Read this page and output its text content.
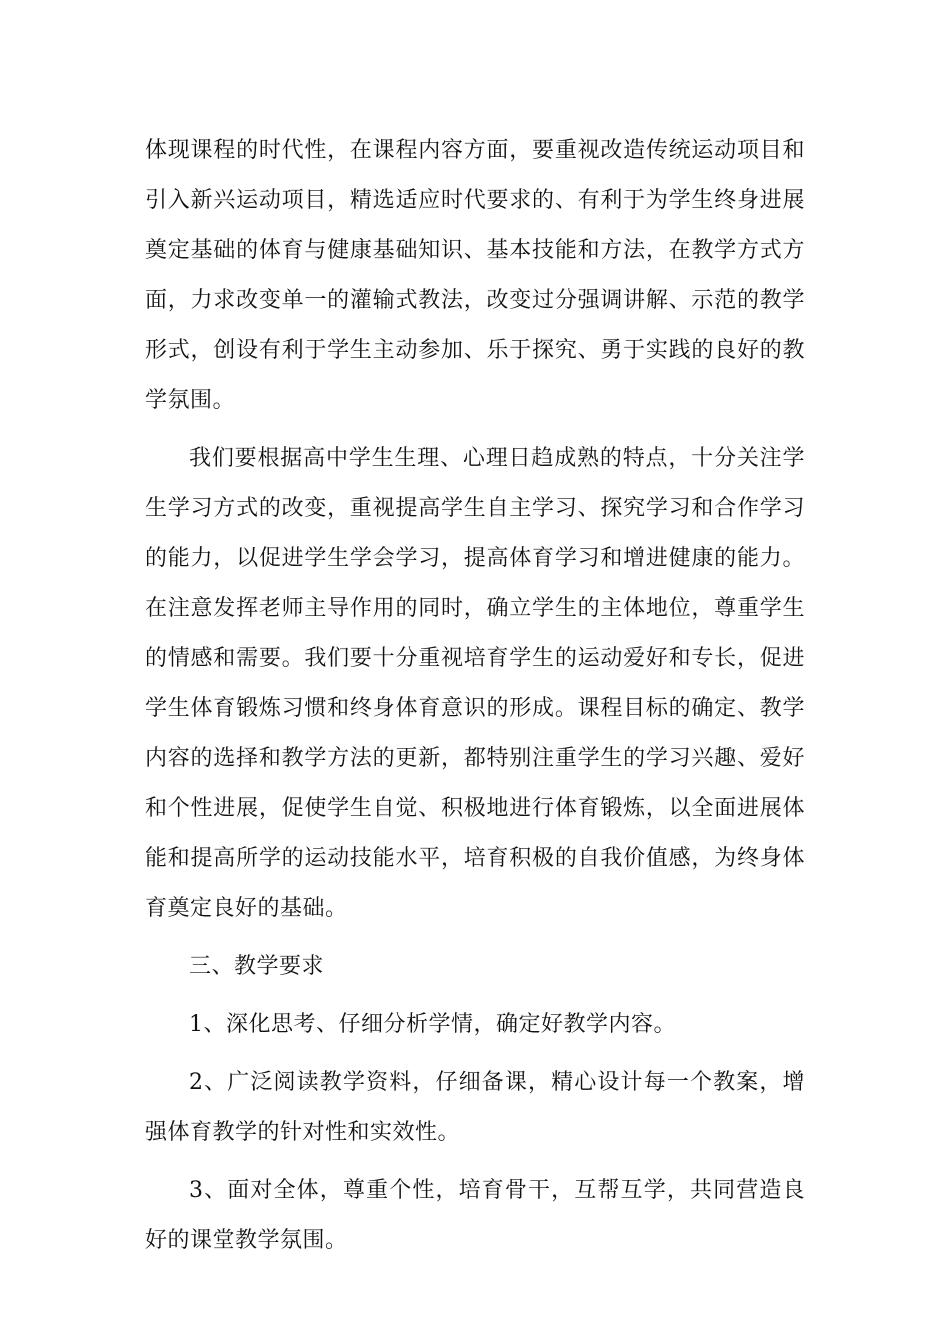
体现课程的时代性，在课程内容方面，要重视改造传统运动项目和引入新兴运动项目，精选适应时代要求的、有利于为学生终身进展奠定基础的体育与健康基础知识、基本技能和方法，在教学方式方面，力求改变单一的灌输式教法，改变过分强调讲解、示范的教学形式，创设有利于学生主动参加、乐于探究、勇于实践的良好的教学氛围。

我们要根据高中学生生理、心理日趋成熟的特点，十分关注学生学习方式的改变，重视提高学生自主学习、探究学习和合作学习的能力，以促进学生学会学习，提高体育学习和增进健康的能力。在注意发挥老师主导作用的同时，确立学生的主体地位，尊重学生的情感和需要。我们要十分重视培育学生的运动爱好和专长，促进学生体育锻炼习惯和终身体育意识的形成。课程目标的确定、教学内容的选择和教学方法的更新，都特别注重学生的学习兴趣、爱好和个性进展，促使学生自觉、积极地进行体育锻炼，以全面进展体能和提高所学的运动技能水平，培育积极的自我价值感，为终身体育奠定良好的基础。

三、教学要求

1、深化思考、仔细分析学情，确定好教学内容。

2、广泛阅读教学资料，仔细备课，精心设计每一个教案，增强体育教学的针对性和实效性。

3、面对全体，尊重个性，培育骨干，互帮互学，共同营造良好的课堂教学氛围。
